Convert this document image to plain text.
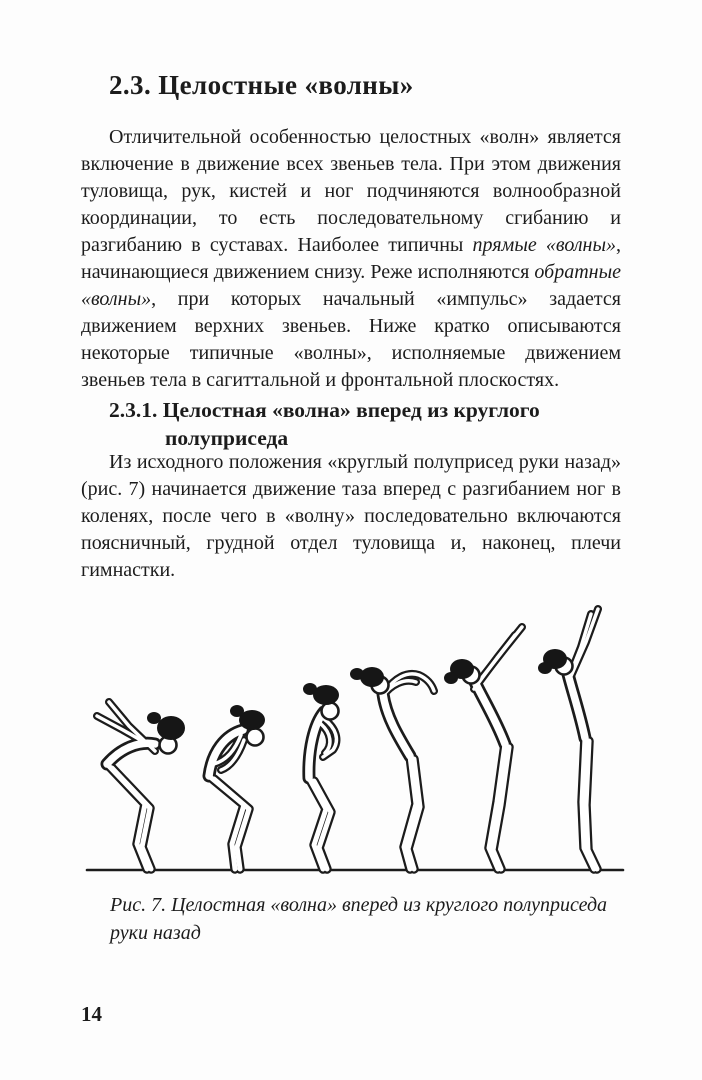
2.3. Целостные «волны»

Отличительной особенностью целостных «волн» является включение в движение всех звеньев тела. При этом движения туловища, рук, кистей и ног подчиняются волнообразной координации, то есть последовательному сгибанию и разгибанию в суставах. Наиболее типичны прямые «волны», начинающиеся движением снизу. Реже исполняются обратные «волны», при которых начальный «импульс» задается движением верхних звеньев. Ниже кратко описываются некоторые типичные «волны», исполняемые движением звеньев тела в сагиттальной и фронтальной плоскостях.

2.3.1. Целостная «волна» вперед из круглого полуприседа

Из исходного положения «круглый полуприсед руки назад» (рис. 7) начинается движение таза вперед с разгибанием ног в коленях, после чего в «волну» последовательно включаются поясничный, грудной отдел туловища и, наконец, плечи гимнастки.

Рис. 7. Целостная «волна» вперед из круглого полуприседа руки назад
14
